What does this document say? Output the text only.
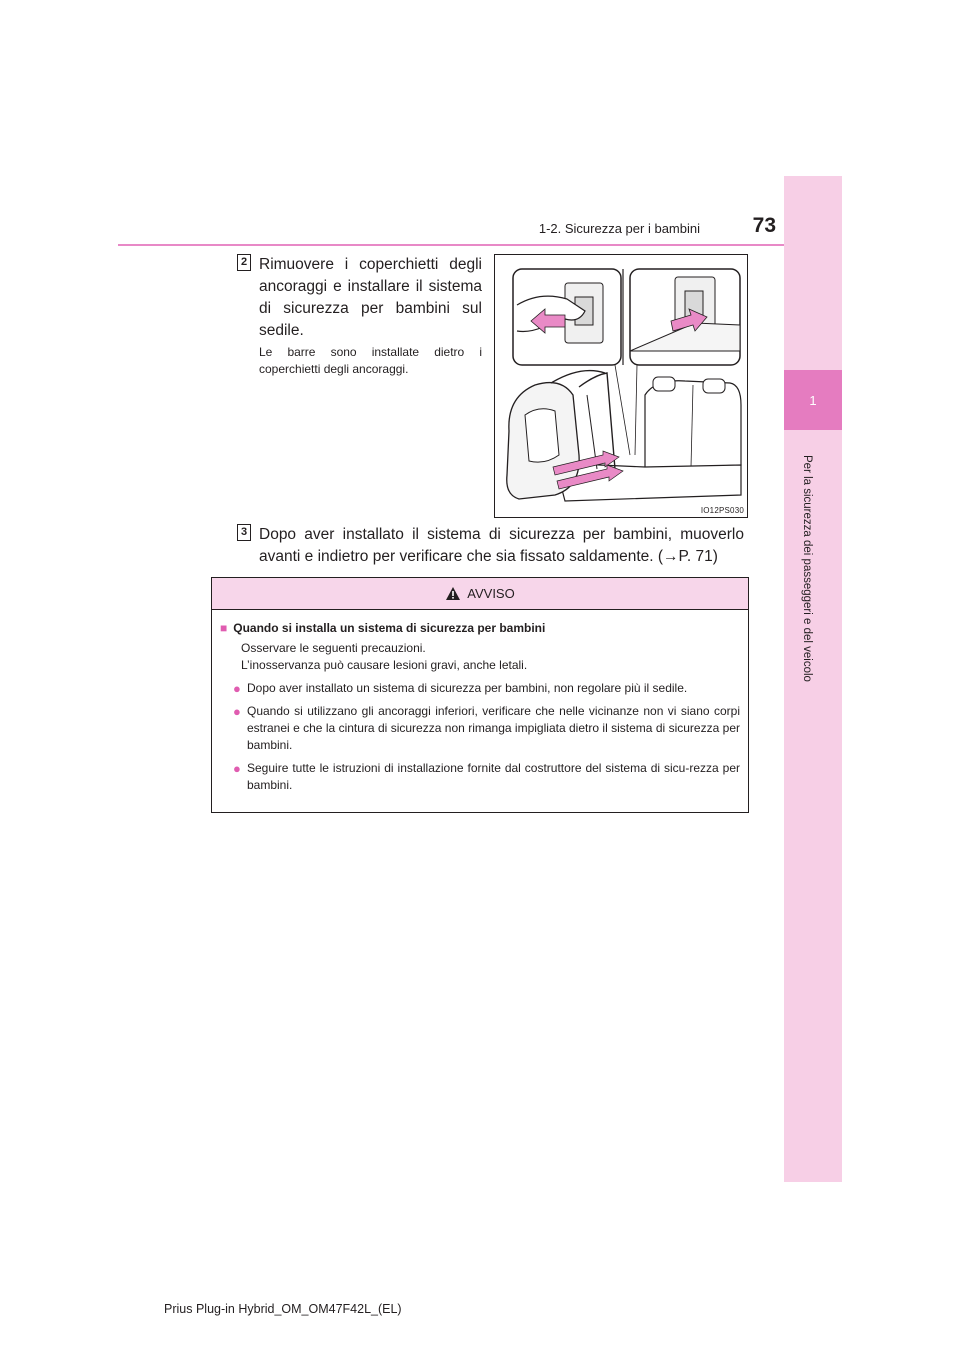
1
Per la sicurezza dei passeggeri e del veicolo
1-2. Sicurezza per i bambini	73
2 Rimuovere i coperchietti degli ancoraggi e installare il sistema di sicurezza per bambini sul sedile.
Le barre sono installate dietro i coperchietti degli ancoraggi.
IO12PS030
3 Dopo aver installato il sistema di sicurezza per bambini, muoverlo avanti e indietro per verificare che sia fissato saldamente. (→P. 71)
AVVISO
■ Quando si installa un sistema di sicurezza per bambini
Osservare le seguenti precauzioni.
L’inosservanza può causare lesioni gravi, anche letali.
● Dopo aver installato un sistema di sicurezza per bambini, non regolare più il sedile.
● Quando si utilizzano gli ancoraggi inferiori, verificare che nelle vicinanze non vi siano corpi estranei e che la cintura di sicurezza non rimanga impigliata dietro il sistema di sicurezza per bambini.
● Seguire tutte le istruzioni di installazione fornite dal costruttore del sistema di sicu-rezza per bambini.
Prius Plug-in Hybrid_OM_OM47F42L_(EL)
